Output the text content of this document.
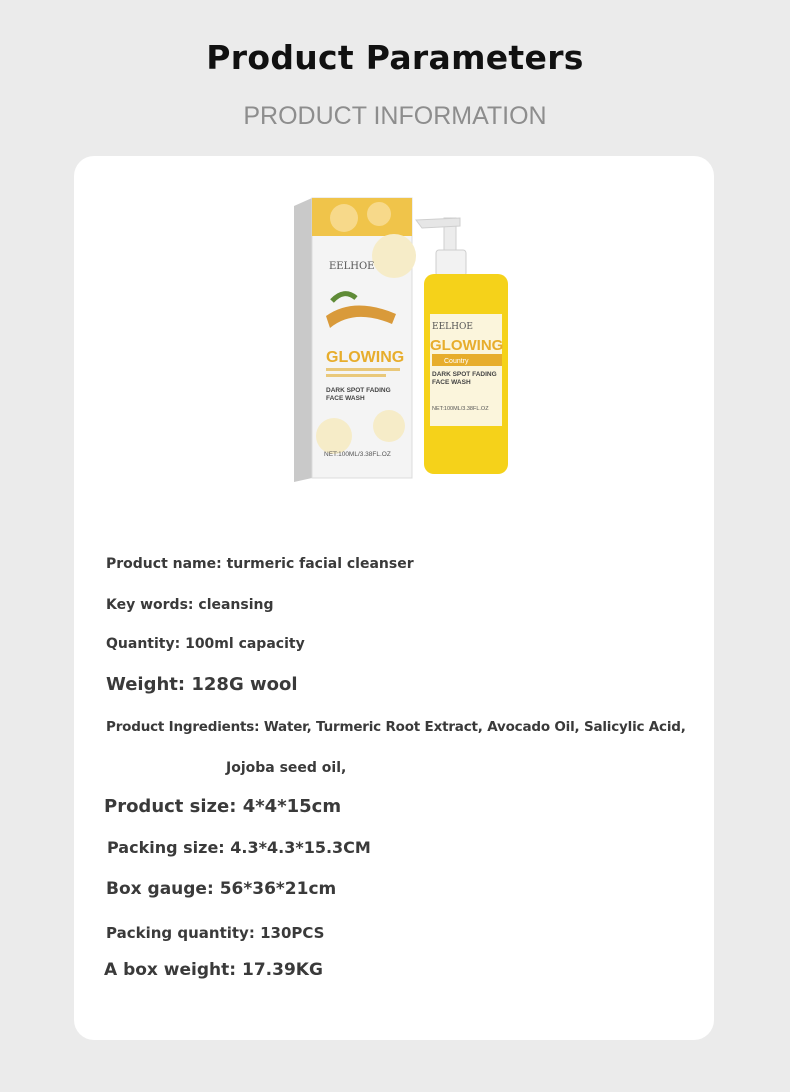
Product Parameters
PRODUCT INFORMATION
EELHOE
GLOWING
DARK SPOT FADING
FACE WASH
NET:100ML/3.38FL.OZ
EELHOE
GLOWING
Country
DARK SPOT FADING
FACE WASH
NET:100ML/3.38FL.OZ
Product name: turmeric facial cleanser
Key words: cleansing
Quantity: 100ml capacity
Weight: 128G wool
Product Ingredients: Water, Turmeric Root Extract, Avocado Oil, Salicylic Acid,
Jojoba seed oil,
Product size: 4*4*15cm
Packing size: 4.3*4.3*15.3CM
Box gauge: 56*36*21cm
Packing quantity: 130PCS
A box weight: 17.39KG
